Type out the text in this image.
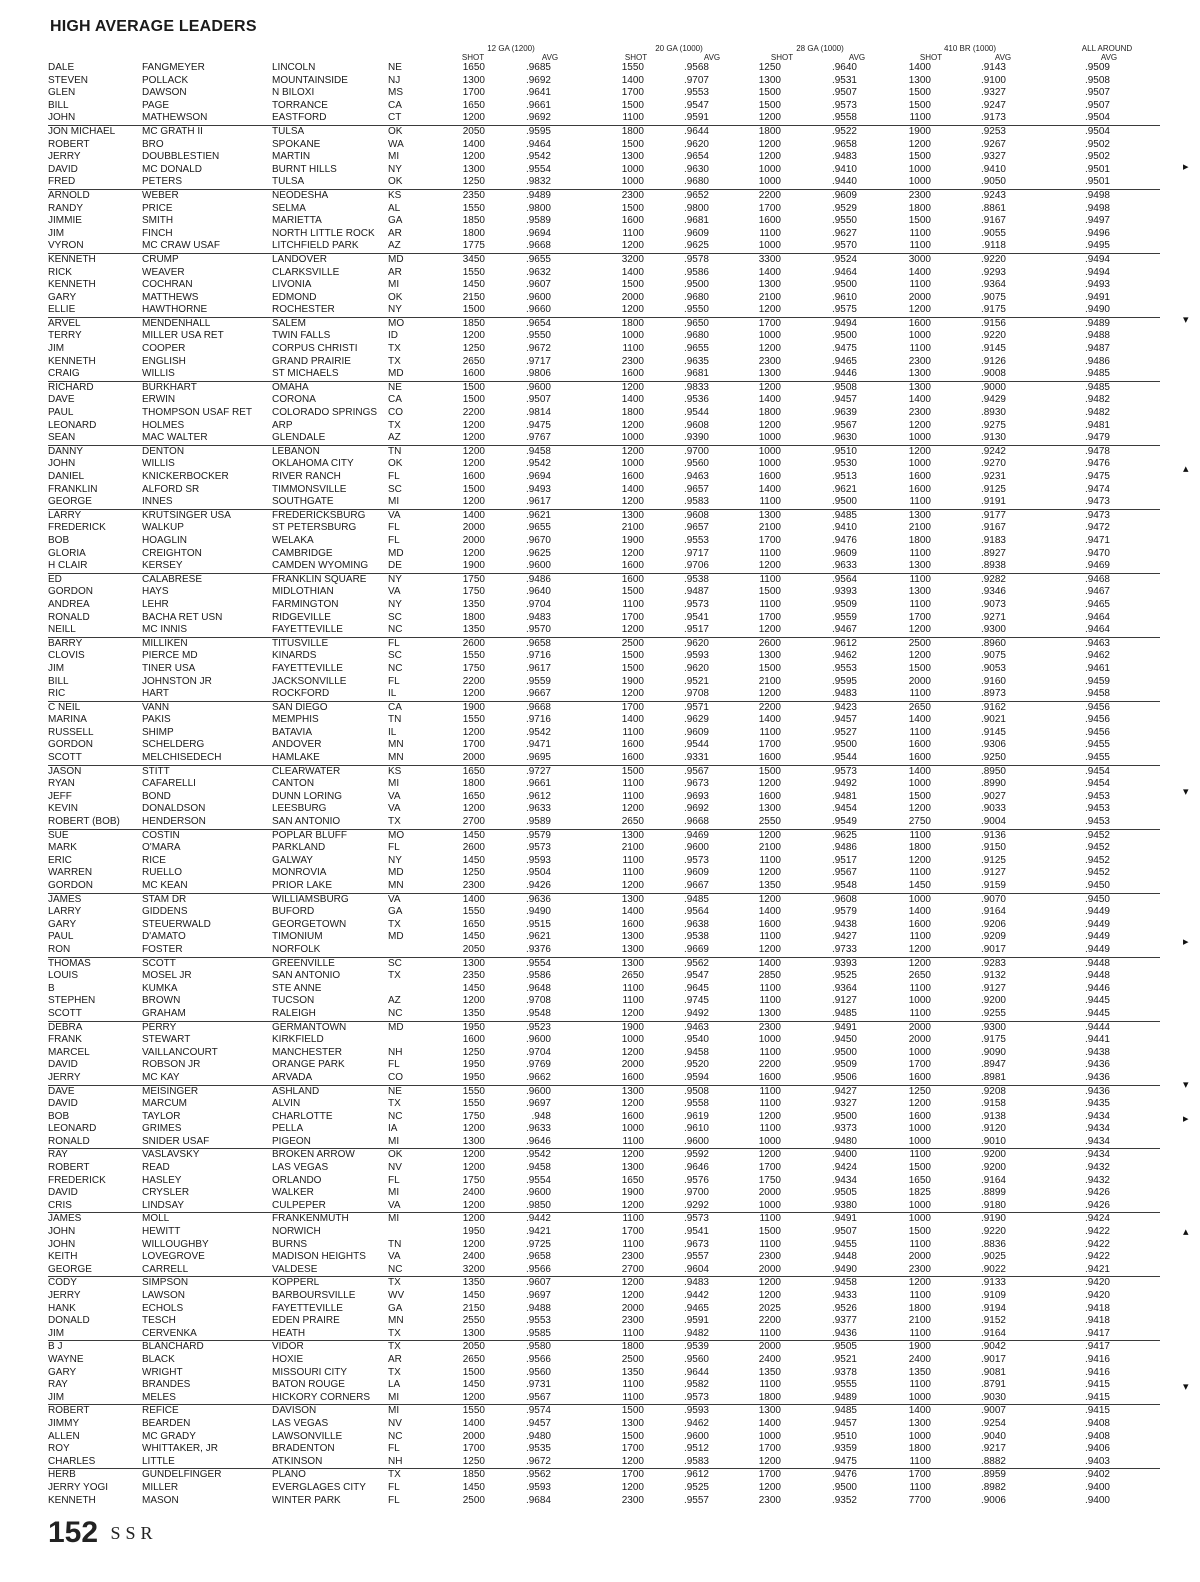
HIGH AVERAGE LEADERS
12 GA (1200)	20 GA (1000)	28 GA (1000)	410 BR (1000)	ALL AROUND
SHOT	AVG	SHOT	AVG	SHOT	AVG	SHOT	AVG	AVG
DALE	FANGMEYER	LINCOLN	NE	1650	.9685	1550	.9568	1250	.9640	1400	.9143	.9509	
STEVEN	POLLACK	MOUNTAINSIDE	NJ	1300	.9692	1400	.9707	1300	.9531	1300	.9100	.9508	
GLEN	DAWSON	N BILOXI	MS	1700	.9641	1700	.9553	1500	.9507	1500	.9327	.9507	
BILL	PAGE	TORRANCE	CA	1650	.9661	1500	.9547	1500	.9573	1500	.9247	.9507	
JOHN	MATHEWSON	EASTFORD	CT	1200	.9692	1100	.9591	1200	.9558	1100	.9173	.9504	
JON MICHAEL	MC GRATH II	TULSA	OK	2050	.9595	1800	.9644	1800	.9522	1900	.9253	.9504	
ROBERT	BRO	SPOKANE	WA	1400	.9464	1500	.9620	1200	.9658	1200	.9267	.9502	
JERRY	DOUBBLESTIEN	MARTIN	MI	1200	.9542	1300	.9654	1200	.9483	1500	.9327	.9502	
DAVID	MC DONALD	BURNT HILLS	NY	1300	.9554	1000	.9630	1000	.9410	1000	.9410	.9501	
FRED	PETERS	TULSA	OK	1250	.9832	1000	.9680	1000	.9440	1000	.9050	.9501	
ARNOLD	WEBER	NEODESHA	KS	2350	.9489	2300	.9652	2200	.9609	2300	.9243	.9498	
RANDY	PRICE	SELMA	AL	1550	.9800	1500	.9800	1700	.9529	1800	.8861	.9498	
JIMMIE	SMITH	MARIETTA	GA	1850	.9589	1600	.9681	1600	.9550	1500	.9167	.9497	
JIM	FINCH	NORTH LITTLE ROCK	AR	1800	.9694	1100	.9609	1100	.9627	1100	.9055	.9496	
VYRON	MC CRAW USAF	LITCHFIELD PARK	AZ	1775	.9668	1200	.9625	1000	.9570	1100	.9118	.9495	
KENNETH	CRUMP	LANDOVER	MD	3450	.9655	3200	.9578	3300	.9524	3000	.9220	.9494	
RICK	WEAVER	CLARKSVILLE	AR	1550	.9632	1400	.9586	1400	.9464	1400	.9293	.9494	
KENNETH	COCHRAN	LIVONIA	MI	1450	.9607	1500	.9500	1300	.9500	1100	.9364	.9493	
GARY	MATTHEWS	EDMOND	OK	2150	.9600	2000	.9680	2100	.9610	2000	.9075	.9491	
ELLIE	HAWTHORNE	ROCHESTER	NY	1500	.9660	1200	.9550	1200	.9575	1200	.9175	.9490	
ARVEL	MENDENHALL	SALEM	MO	1850	.9654	1800	.9650	1700	.9494	1600	.9156	.9489	
TERRY	MILLER USA RET	TWIN FALLS	ID	1200	.9550	1000	.9680	1000	.9500	1000	.9220	.9488	
JIM	COOPER	CORPUS CHRISTI	TX	1250	.9672	1100	.9655	1200	.9475	1100	.9145	.9487	
KENNETH	ENGLISH	GRAND PRAIRIE	TX	2650	.9717	2300	.9635	2300	.9465	2300	.9126	.9486	
CRAIG	WILLIS	ST MICHAELS	MD	1600	.9806	1600	.9681	1300	.9446	1300	.9008	.9485	
RICHARD	BURKHART	OMAHA	NE	1500	.9600	1200	.9833	1200	.9508	1300	.9000	.9485	
DAVE	ERWIN	CORONA	CA	1500	.9507	1400	.9536	1400	.9457	1400	.9429	.9482	
PAUL	THOMPSON USAF RET	COLORADO SPRINGS	CO	2200	.9814	1800	.9544	1800	.9639	2300	.8930	.9482	
LEONARD	HOLMES	ARP	TX	1200	.9475	1200	.9608	1200	.9567	1200	.9275	.9481	
SEAN	MAC WALTER	GLENDALE	AZ	1200	.9767	1000	.9390	1000	.9630	1000	.9130	.9479	
DANNY	DENTON	LEBANON	TN	1200	.9458	1200	.9700	1000	.9510	1200	.9242	.9478	
JOHN	WILLIS	OKLAHOMA CITY	OK	1200	.9542	1000	.9560	1000	.9530	1000	.9270	.9476	
DANIEL	KNICKERBOCKER	RIVER RANCH	FL	1600	.9694	1600	.9463	1600	.9513	1600	.9231	.9475	
FRANKLIN	ALFORD SR	TIMMONSVILLE	SC	1500	.9493	1400	.9657	1400	.9621	1600	.9125	.9474	
GEORGE	INNES	SOUTHGATE	MI	1200	.9617	1200	.9583	1100	.9500	1100	.9191	.9473	
LARRY	KRUTSINGER USA	FREDERICKSBURG	VA	1400	.9621	1300	.9608	1300	.9485	1300	.9177	.9473	
FREDERICK	WALKUP	ST PETERSBURG	FL	2000	.9655	2100	.9657	2100	.9410	2100	.9167	.9472	
BOB	HOAGLIN	WELAKA	FL	2000	.9670	1900	.9553	1700	.9476	1800	.9183	.9471	
GLORIA	CREIGHTON	CAMBRIDGE	MD	1200	.9625	1200	.9717	1100	.9609	1100	.8927	.9470	
H CLAIR	KERSEY	CAMDEN WYOMING	DE	1900	.9600	1600	.9706	1200	.9633	1300	.8938	.9469	
ED	CALABRESE	FRANKLIN SQUARE	NY	1750	.9486	1600	.9538	1100	.9564	1100	.9282	.9468	
GORDON	HAYS	MIDLOTHIAN	VA	1750	.9640	1500	.9487	1500	.9393	1300	.9346	.9467	
ANDREA	LEHR	FARMINGTON	NY	1350	.9704	1100	.9573	1100	.9509	1100	.9073	.9465	
RONALD	BACHA RET USN	RIDGEVILLE	SC	1800	.9483	1700	.9541	1700	.9559	1700	.9271	.9464	
NEILL	MC INNIS	FAYETTEVILLE	NC	1350	.9570	1200	.9517	1200	.9467	1200	.9300	.9464	
BARRY	MILLIKEN	TITUSVILLE	FL	2600	.9658	2500	.9620	2600	.9612	2500	.8960	.9463	
CLOVIS	PIERCE MD	KINARDS	SC	1550	.9716	1500	.9593	1300	.9462	1200	.9075	.9462	
JIM	TINER USA	FAYETTEVILLE	NC	1750	.9617	1500	.9620	1500	.9553	1500	.9053	.9461	
BILL	JOHNSTON JR	JACKSONVILLE	FL	2200	.9559	1900	.9521	2100	.9595	2000	.9160	.9459	
RIC	HART	ROCKFORD	IL	1200	.9667	1200	.9708	1200	.9483	1100	.8973	.9458	
C NEIL	VANN	SAN DIEGO	CA	1900	.9668	1700	.9571	2200	.9423	2650	.9162	.9456	
MARINA	PAKIS	MEMPHIS	TN	1550	.9716	1400	.9629	1400	.9457	1400	.9021	.9456	
RUSSELL	SHIMP	BATAVIA	IL	1200	.9542	1100	.9609	1100	.9527	1100	.9145	.9456	
GORDON	SCHELDERG	ANDOVER	MN	1700	.9471	1600	.9544	1700	.9500	1600	.9306	.9455	
SCOTT	MELCHISEDECH	HAMLAKE	MN	2000	.9695	1600	.9331	1600	.9544	1600	.9250	.9455	
JASON	STITT	CLEARWATER	KS	1650	.9727	1500	.9567	1500	.9573	1400	.8950	.9454	
RYAN	CAFARELLI	CANTON	MI	1800	.9661	1100	.9673	1200	.9492	1000	.8990	.9454	
JEFF	BOND	DUNN LORING	VA	1650	.9612	1100	.9693	1600	.9481	1500	.9027	.9453	
KEVIN	DONALDSON	LEESBURG	VA	1200	.9633	1200	.9692	1300	.9454	1200	.9033	.9453	
ROBERT (BOB)	HENDERSON	SAN ANTONIO	TX	2700	.9589	2650	.9668	2550	.9549	2750	.9004	.9453	
SUE	COSTIN	POPLAR BLUFF	MO	1450	.9579	1300	.9469	1200	.9625	1100	.9136	.9452	
MARK	O'MARA	PARKLAND	FL	2600	.9573	2100	.9600	2100	.9486	1800	.9150	.9452	
ERIC	RICE	GALWAY	NY	1450	.9593	1100	.9573	1100	.9517	1200	.9125	.9452	
WARREN	RUELLO	MONROVIA	MD	1250	.9504	1100	.9609	1200	.9567	1100	.9127	.9452	
GORDON	MC KEAN	PRIOR LAKE	MN	2300	.9426	1200	.9667	1350	.9548	1450	.9159	.9450	
JAMES	STAM DR	WILLIAMSBURG	VA	1400	.9636	1300	.9485	1200	.9608	1000	.9070	.9450	
LARRY	GIDDENS	BUFORD	GA	1550	.9490	1400	.9564	1400	.9579	1400	.9164	.9449	
GARY	STEUERWALD	GEORGETOWN	TX	1650	.9515	1600	.9638	1600	.9438	1600	.9206	.9449	
PAUL	D'AMATO	TIMONIUM	MD	1450	.9621	1300	.9538	1100	.9427	1100	.9209	.9449	
RON	FOSTER	NORFOLK		2050	.9376	1300	.9669	1200	.9733	1200	.9017	.9449	
THOMAS	SCOTT	GREENVILLE	SC	1300	.9554	1300	.9562	1400	.9393	1200	.9283	.9448	
LOUIS	MOSEL JR	SAN ANTONIO	TX	2350	.9586	2650	.9547	2850	.9525	2650	.9132	.9448	
B	KUMKA	STE ANNE		1450	.9648	1100	.9645	1100	.9364	1100	.9127	.9446	
STEPHEN	BROWN	TUCSON	AZ	1200	.9708	1100	.9745	1100	.9127	1000	.9200	.9445	
SCOTT	GRAHAM	RALEIGH	NC	1350	.9548	1200	.9492	1300	.9485	1100	.9255	.9445	
DEBRA	PERRY	GERMANTOWN	MD	1950	.9523	1900	.9463	2300	.9491	2000	.9300	.9444	
FRANK	STEWART	KIRKFIELD		1600	.9600	1000	.9540	1000	.9450	2000	.9175	.9441	
MARCEL	VAILLANCOURT	MANCHESTER	NH	1250	.9704	1200	.9458	1100	.9500	1000	.9090	.9438	
DAVID	ROBSON JR	ORANGE PARK	FL	1950	.9769	2000	.9520	2200	.9509	1700	.8947	.9436	
JERRY	MC KAY	ARVADA	CO	1950	.9662	1600	.9594	1600	.9506	1600	.8981	.9436	
DAVE	MEISINGER	ASHLAND	NE	1550	.9600	1300	.9508	1100	.9427	1250	.9208	.9436	
DAVID	MARCUM	ALVIN	TX	1550	.9697	1200	.9558	1100	.9327	1200	.9158	.9435	
BOB	TAYLOR	CHARLOTTE	NC	1750	.948	1600	.9619	1200	.9500	1600	.9138	.9434	
LEONARD	GRIMES	PELLA	IA	1200	.9633	1000	.9610	1100	.9373	1000	.9120	.9434	
RONALD	SNIDER USAF	PIGEON	MI	1300	.9646	1100	.9600	1000	.9480	1000	.9010	.9434	
RAY	VASLAVSKY	BROKEN ARROW	OK	1200	.9542	1200	.9592	1200	.9400	1100	.9200	.9434	
ROBERT	READ	LAS VEGAS	NV	1200	.9458	1300	.9646	1700	.9424	1500	.9200	.9432	
FREDERICK	HASLEY	ORLANDO	FL	1750	.9554	1650	.9576	1750	.9434	1650	.9164	.9432	
DAVID	CRYSLER	WALKER	MI	2400	.9600	1900	.9700	2000	.9505	1825	.8899	.9426	
CRIS	LINDSAY	CULPEPER	VA	1200	.9850	1200	.9292	1000	.9380	1000	.9180	.9426	
JAMES	MOLL	FRANKENMUTH	MI	1200	.9442	1100	.9573	1100	.9491	1000	.9190	.9424	
JOHN	HEWITT	NORWICH		1950	.9421	1700	.9541	1500	.9507	1500	.9220	.9422	
JOHN	WILLOUGHBY	BURNS	TN	1200	.9725	1100	.9673	1100	.9455	1100	.8836	.9422	
KEITH	LOVEGROVE	MADISON HEIGHTS	VA	2400	.9658	2300	.9557	2300	.9448	2000	.9025	.9422	
GEORGE	CARRELL	VALDESE	NC	3200	.9566	2700	.9604	2000	.9490	2300	.9022	.9421	
CODY	SIMPSON	KOPPERL	TX	1350	.9607	1200	.9483	1200	.9458	1200	.9133	.9420	
JERRY	LAWSON	BARBOURSVILLE	WV	1450	.9697	1200	.9442	1200	.9433	1100	.9109	.9420	
HANK	ECHOLS	FAYETTEVILLE	GA	2150	.9488	2000	.9465	2025	.9526	1800	.9194	.9418	
DONALD	TESCH	EDEN PRAIRE	MN	2550	.9553	2300	.9591	2200	.9377	2100	.9152	.9418	
JIM	CERVENKA	HEATH	TX	1300	.9585	1100	.9482	1100	.9436	1100	.9164	.9417	
B J	BLANCHARD	VIDOR	TX	2050	.9580	1800	.9539	2000	.9505	1900	.9042	.9417	
WAYNE	BLACK	HOXIE	AR	2650	.9566	2500	.9560	2400	.9521	2400	.9017	.9416	
GARY	WRIGHT	MISSOURI CITY	TX	1500	.9560	1350	.9644	1350	.9378	1350	.9081	.9416	
RAY	BRANDES	BATON ROUGE	LA	1450	.9731	1100	.9582	1100	.9555	1100	.8791	.9415	
JIM	MELES	HICKORY CORNERS	MI	1200	.9567	1100	.9573	1800	.9489	1000	.9030	.9415	
ROBERT	REFICE	DAVISON	MI	1550	.9574	1500	.9593	1300	.9485	1400	.9007	.9415	
JIMMY	BEARDEN	LAS VEGAS	NV	1400	.9457	1300	.9462	1400	.9457	1300	.9254	.9408	
ALLEN	MC GRADY	LAWSONVILLE	NC	2000	.9480	1500	.9600	1000	.9510	1000	.9040	.9408	
ROY	WHITTAKER, JR	BRADENTON	FL	1700	.9535	1700	.9512	1700	.9359	1800	.9217	.9406	
CHARLES	LITTLE	ATKINSON	NH	1250	.9672	1200	.9583	1200	.9475	1100	.8882	.9403	
HERB	GUNDELFINGER	PLANO	TX	1850	.9562	1700	.9612	1700	.9476	1700	.8959	.9402	
JERRY YOGI	MILLER	EVERGLAGES CITY	FL	1450	.9593	1200	.9525	1200	.9500	1100	.8982	.9400	
KENNETH	MASON	WINTER PARK	FL	2500	.9684	2300	.9557	2300	.9352	7700	.9006	.9400	
152 SSR
▸
▾
▴
▾
▸
▾
▸
▴
▾
